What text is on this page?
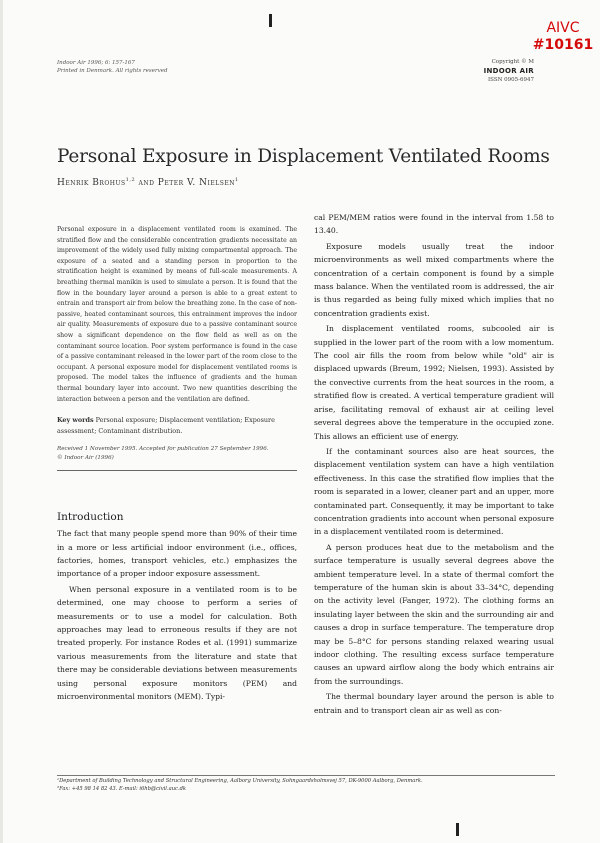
AIVC
#10161
Indoor Air 1996; 6: 157-167
Printed in Denmark. All rights reserved
Copyright © M
INDOOR AIR
ISSN 0905-6947
Personal Exposure in Displacement Ventilated Rooms
Henrik Brohus$^{1,2}$ and Peter V. Nielsen$^1$

Personal exposure in a displacement ventilated room is examined. The stratified flow and the considerable concentration gradients necessitate an improvement of the widely used fully mixing compartmental approach. The exposure of a seated and a standing person in proportion to the stratification height is examined by means of full-scale measurements. A breathing thermal manikin is used to simulate a person. It is found that the flow in the boundary layer around a person is able to a great extent to entrain and transport air from below the breathing zone. In the case of non-passive, heated contaminant sources, this entrainment improves the indoor air quality. Measurements of exposure due to a passive contaminant source show a significant dependence on the flow field as well as on the contaminant source location. Poor system performance is found in the case of a passive contaminant released in the lower part of the room close to the occupant. A personal exposure model for displacement ventilated rooms is proposed. The model takes the influence of gradients and the human thermal boundary layer into account. Two new quantities describing the interaction between a person and the ventilation are defined.

Key words Personal exposure; Displacement ventilation; Exposure assessment; Contaminant distribution.

Received 1 November 1995. Accepted for publication 27 September 1996.
© Indoor Air (1996)
Introduction

The fact that many people spend more than 90% of their time in a more or less artificial indoor environment (i.e., offices, factories, homes, transport vehicles, etc.) emphasizes the importance of a proper indoor exposure assessment.

When personal exposure in a ventilated room is to be determined, one may choose to perform a series of measurements or to use a model for calculation. Both approaches may lead to erroneous results if they are not treated properly. For instance Rodes et al. (1991) summarize various measurements from the literature and state that there may be considerable deviations between measurements using personal exposure monitors (PEM) and microenvironmental monitors (MEM). Typi-

cal PEM/MEM ratios were found in the interval from 1.58 to 13.40.

Exposure models usually treat the indoor microenvironments as well mixed compartments where the concentration of a certain component is found by a simple mass balance. When the ventilated room is addressed, the air is thus regarded as being fully mixed which implies that no concentration gradients exist.

In displacement ventilated rooms, subcooled air is supplied in the lower part of the room with a low momentum. The cool air fills the room from below while "old" air is displaced upwards (Breum, 1992; Nielsen, 1993). Assisted by the convective currents from the heat sources in the room, a stratified flow is created. A vertical temperature gradient will arise, facilitating removal of exhaust air at ceiling level several degrees above the temperature in the occupied zone. This allows an efficient use of energy.

If the contaminant sources also are heat sources, the displacement ventilation system can have a high ventilation effectiveness. In this case the stratified flow implies that the room is separated in a lower, cleaner part and an upper, more contaminated part. Consequently, it may be important to take concentration gradients into account when personal exposure in a displacement ventilated room is determined.

A person produces heat due to the metabolism and the surface temperature is usually several degrees above the ambient temperature level. In a state of thermal comfort the temperature of the human skin is about 33–34°C, depending on the activity level (Fanger, 1972). The clothing forms an insulating layer between the skin and the surrounding air and causes a drop in surface temperature. The temperature drop may be 5–8°C for persons standing relaxed wearing usual indoor clothing. The resulting excess surface temperature causes an upward airflow along the body which entrains air from the surroundings.

The thermal boundary layer around the person is able to entrain and to transport clean air as well as con-

¹Department of Building Technology and Structural Engineering, Aalborg University, Sohngaardsholmsvej 57, DK-9000 Aalborg, Denmark.
²Fax: +45 98 14 82 43. E-mail: i6hb@civil.auc.dk
